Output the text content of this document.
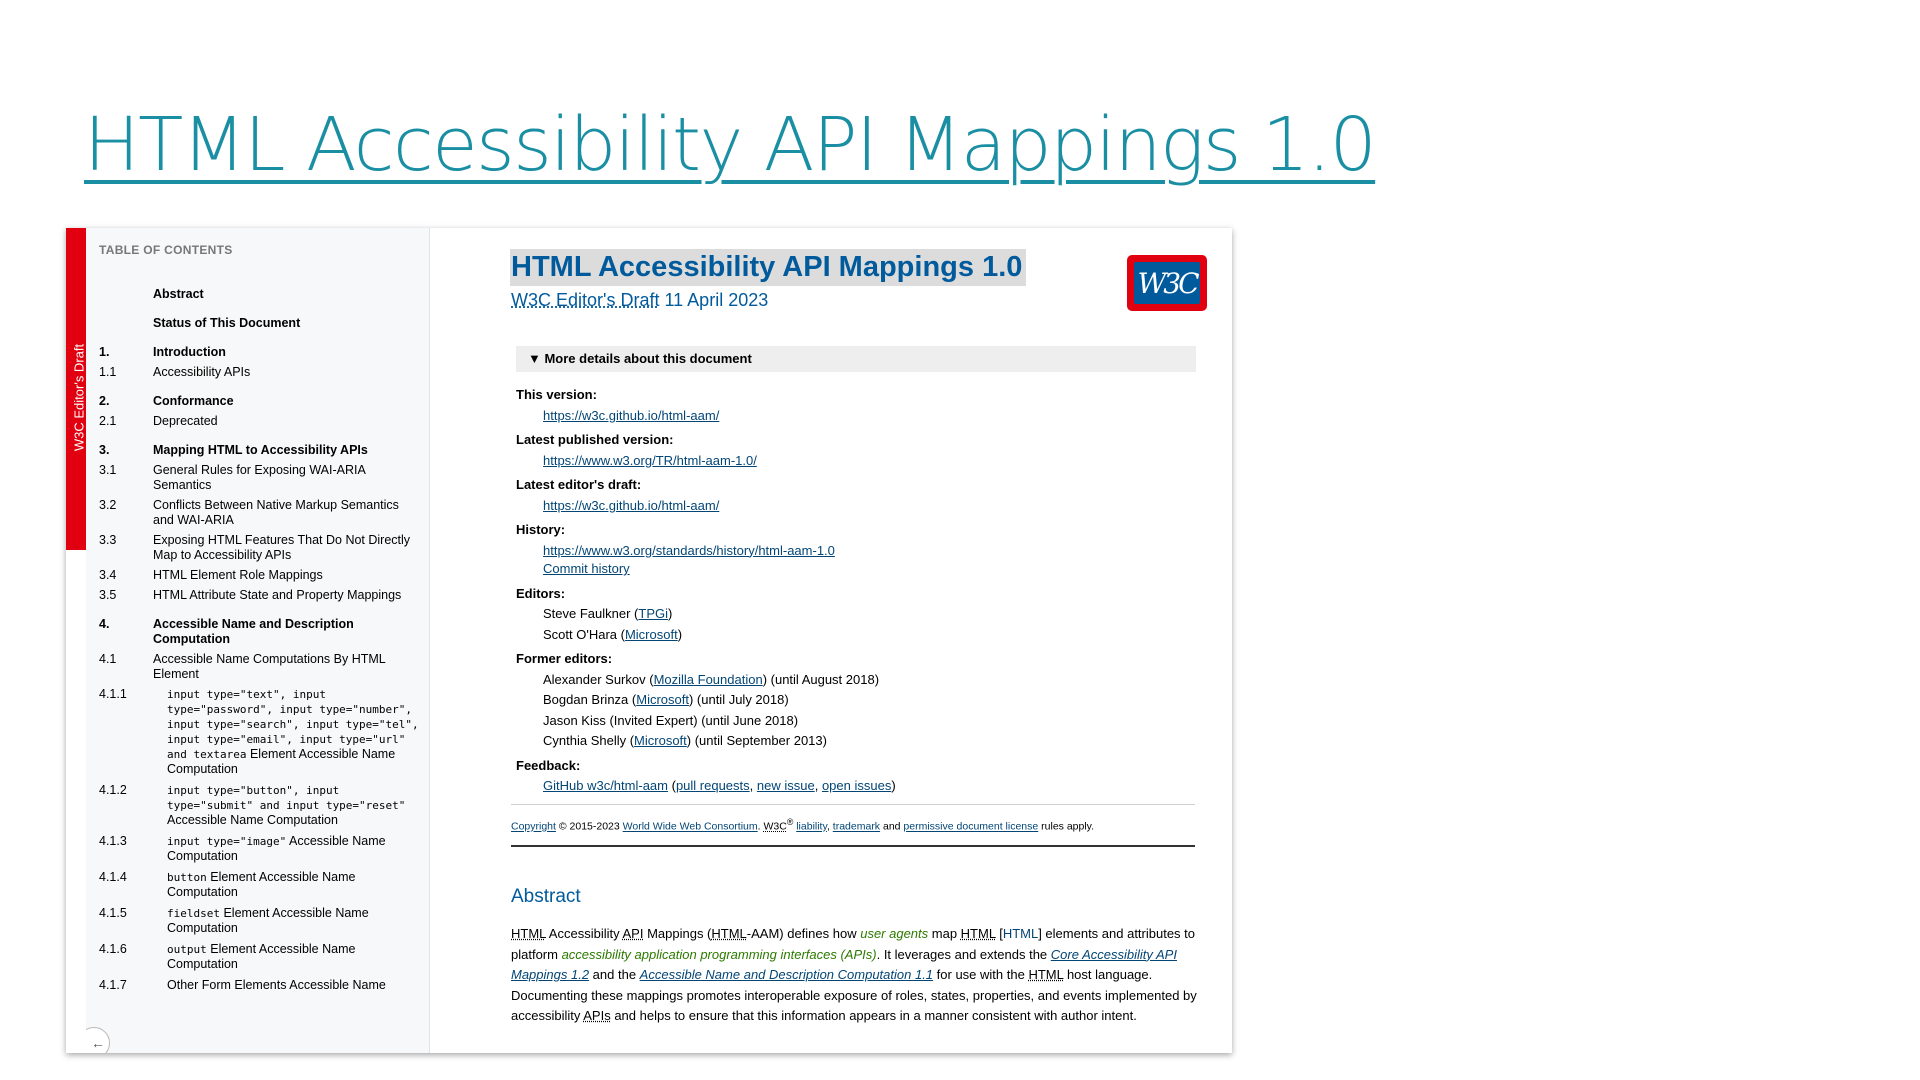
HTML Accessibility API Mappings 1.0
W3C Editor's Draft
TABLE OF CONTENTS
Abstract
Status of This Document
1.	Introduction
1.1	Accessibility APIs
2.	Conformance
2.1	Deprecated
3.	Mapping HTML to Accessibility APIs
3.1	General Rules for Exposing WAI-ARIA Semantics
3.2	Conflicts Between Native Markup Semantics and WAI-ARIA
3.3	Exposing HTML Features That Do Not Directly Map to Accessibility APIs
3.4	HTML Element Role Mappings
3.5	HTML Attribute State and Property Mappings
4.	Accessible Name and Description Computation
4.1	Accessible Name Computations By HTML Element
4.1.1	input type="text", input type="password", input type="number", input type="search", input type="tel", input type="email", input type="url" and textarea Element Accessible Name Computation
4.1.2	input type="button", input type="submit" and input type="reset" Accessible Name Computation
4.1.3	input type="image" Accessible Name Computation
4.1.4	button Element Accessible Name Computation
4.1.5	fieldset Element Accessible Name Computation
4.1.6	output Element Accessible Name Computation
4.1.7	Other Form Elements Accessible Name
←
HTML Accessibility API Mappings 1.0
W3C Editor's Draft 11 April 2023
W3C
▼ More details about this document
This version:
https://w3c.github.io/html-aam/
Latest published version:
https://www.w3.org/TR/html-aam-1.0/
Latest editor's draft:
https://w3c.github.io/html-aam/
History:
https://www.w3.org/standards/history/html-aam-1.0
Commit history
Editors:
Steve Faulkner (TPGi)
Scott O'Hara (Microsoft)
Former editors:
Alexander Surkov (Mozilla Foundation) (until August 2018)
Bogdan Brinza (Microsoft) (until July 2018)
Jason Kiss (Invited Expert) (until June 2018)
Cynthia Shelly (Microsoft) (until September 2013)
Feedback:
GitHub w3c/html-aam (pull requests, new issue, open issues)
Copyright © 2015-2023 World Wide Web Consortium. W3C® liability, trademark and permissive document license rules apply.
Abstract

HTML Accessibility API Mappings (HTML-AAM) defines how user agents map HTML [HTML] elements and attributes to platform accessibility application programming interfaces (APIs). It leverages and extends the Core Accessibility API Mappings 1.2 and the Accessible Name and Description Computation 1.1 for use with the HTML host language. Documenting these mappings promotes interoperable exposure of roles, states, properties, and events implemented by accessibility APIs and helps to ensure that this information appears in a manner consistent with author intent.
